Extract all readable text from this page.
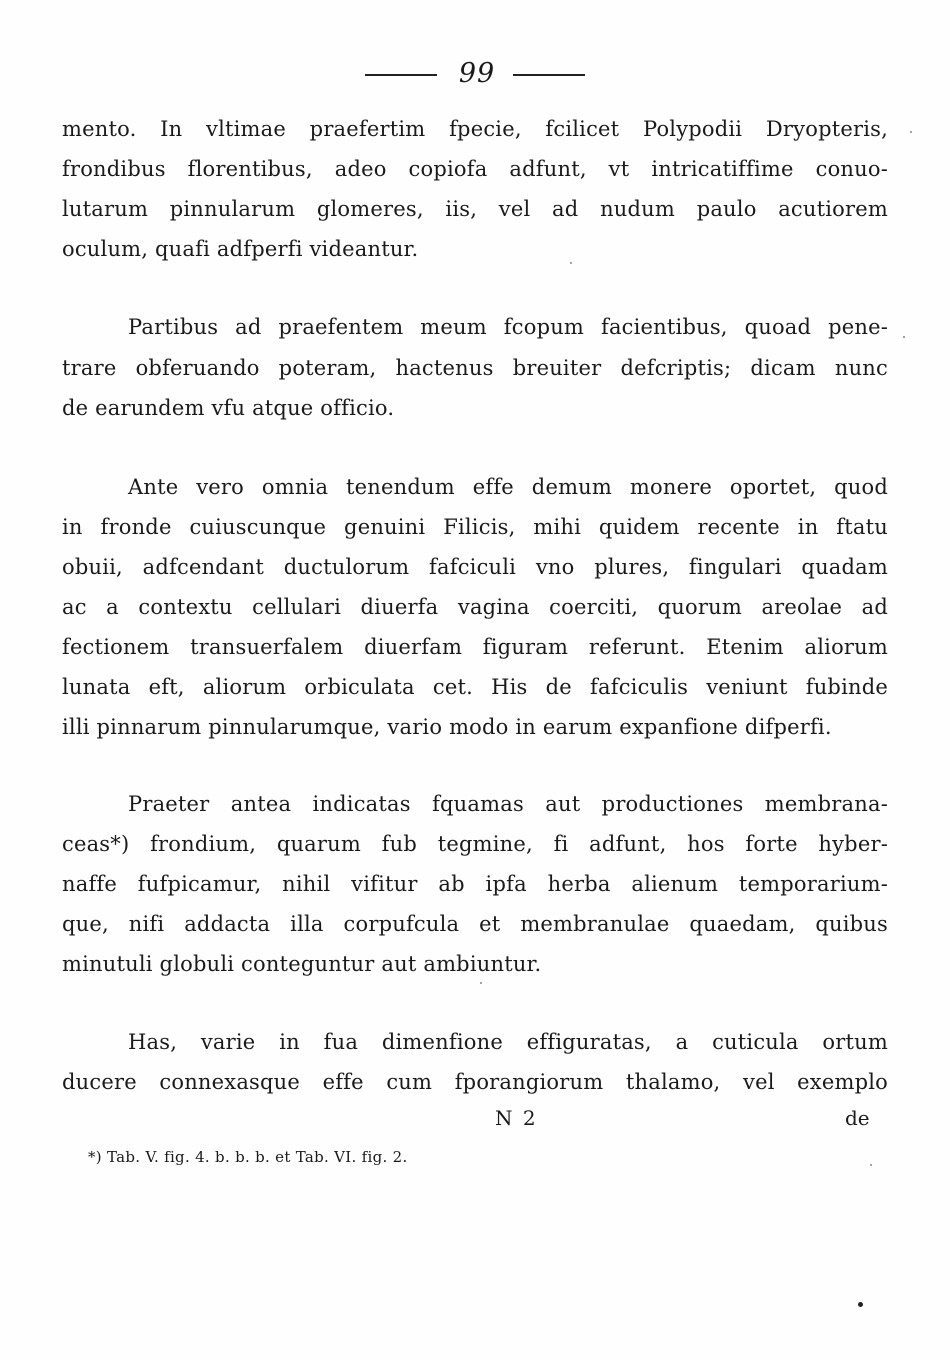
99
mento. In vltimae praefertim fpecie, fcilicet Polypodii Dryopteris,
frondibus florentibus, adeo copiofa adfunt, vt intricatiffime conuo-
lutarum pinnularum glomeres, iis, vel ad nudum paulo acutiorem
oculum, quafi adfperfi videantur.
Partibus ad praefentem meum fcopum facientibus, quoad pene-
trare obferuando poteram, hactenus breuiter defcriptis; dicam nunc
de earundem vfu atque officio.
Ante vero omnia tenendum effe demum monere oportet, quod
in fronde cuiuscunque genuini Filicis, mihi quidem recente in ftatu
obuii, adfcendant ductulorum fafciculi vno plures, fingulari quadam
ac a contextu cellulari diuerfa vagina coerciti, quorum areolae ad
fectionem transuerfalem diuerfam figuram referunt. Etenim aliorum
lunata eft, aliorum orbiculata cet. His de fafciculis veniunt fubinde
illi pinnarum pinnularumque, vario modo in earum expanfione difperfi.
Praeter antea indicatas fquamas aut productiones membrana-
ceas*) frondium, quarum fub tegmine, fi adfunt, hos forte hyber-
naffe fufpicamur, nihil vifitur ab ipfa herba alienum temporarium-
que, nifi addacta illa corpufcula et membranulae quaedam, quibus
minutuli globuli conteguntur aut ambiuntur.
Has, varie in fua dimenfione effiguratas, a cuticula ortum
ducere connexasque effe cum fporangiorum thalamo, vel exemplo
N 2	de
*) Tab. V. fig. 4. b. b. b. et Tab. VI. fig. 2.
